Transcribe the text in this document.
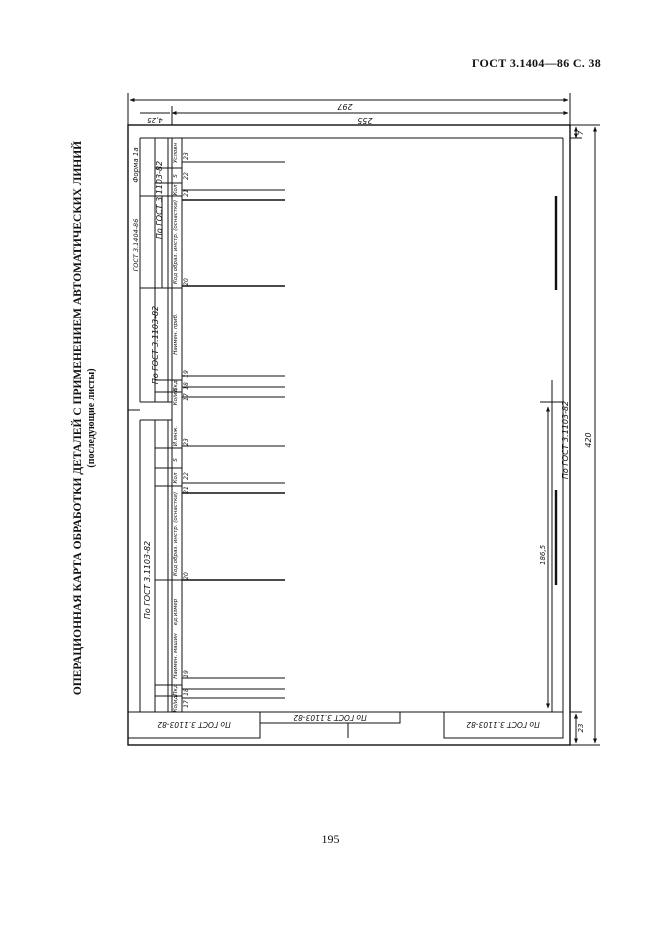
ГОСТ 3.1404—86 С. 38
ОПЕРАЦИОННАЯ КАРТА ОБРАБОТКИ ДЕТАЛЕЙ С ПРИМЕНЕНИЕМ АВТОМАТИЧЕСКИХ ЛИНИЙ (последующие листы)
297
255
4,25
420
7
23
186,5
Форма 1а
ГОСТ 3.1404-86
По ГОСТ 3.1103-82
По ГОСТ 3.1103-82
По ГОСТ 3.1103-82
По ГОСТ 3.1103-82
По ГОСТ 3.1103-82
По ГОСТ 3.1103-82
По ГОСТ 3.1103-82
Условн
S
Кол
Код образ. инстр. (оснастки)
Наимен. приб.
Пкд
Ко/ид
23
22
21
20
19
18
17
И.мнж.
S
Кол
Код образ. инстр. (оснастки)
ед.измер
Наимен. машин
Пкд
Ко/ид
23
22
21
20
19
18
17
195
